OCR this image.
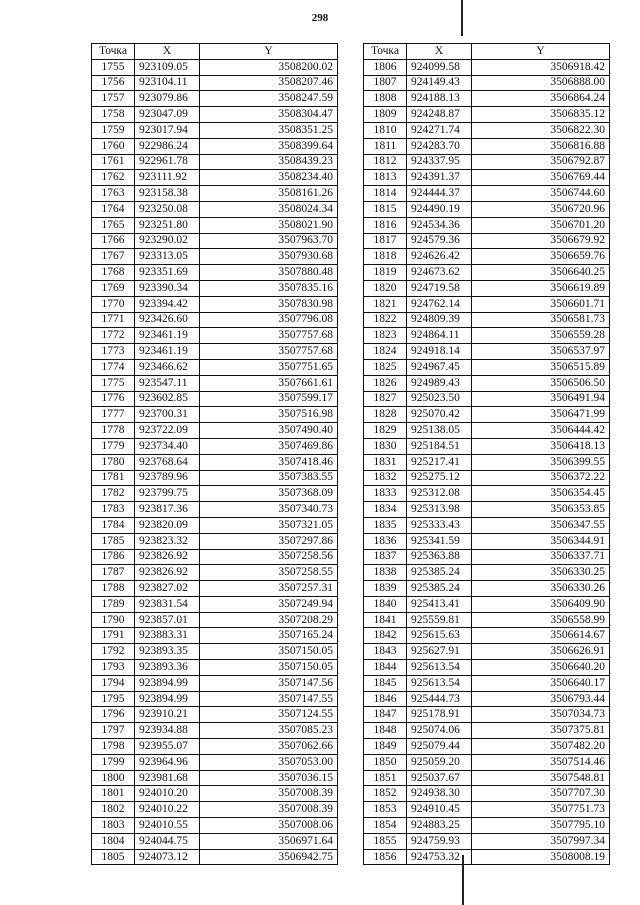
298
Точка	X	Y
1755	923109.05	3508200.02
1756	923104.11	3508207.46
1757	923079.86	3508247.59
1758	923047.09	3508304.47
1759	923017.94	3508351.25
1760	922986.24	3508399.64
1761	922961.78	3508439.23
1762	923111.92	3508234.40
1763	923158.38	3508161.26
1764	923250.08	3508024.34
1765	923251.80	3508021.90
1766	923290.02	3507963.70
1767	923313.05	3507930.68
1768	923351.69	3507880.48
1769	923390.34	3507835.16
1770	923394.42	3507830.98
1771	923426.60	3507796.08
1772	923461.19	3507757.68
1773	923461.19	3507757.68
1774	923466.62	3507751.65
1775	923547.11	3507661.61
1776	923602.85	3507599.17
1777	923700.31	3507516.98
1778	923722.09	3507490.40
1779	923734.40	3507469.86
1780	923768.64	3507418.46
1781	923789.96	3507383.55
1782	923799.75	3507368.09
1783	923817.36	3507340.73
1784	923820.09	3507321.05
1785	923823.32	3507297.86
1786	923826.92	3507258.56
1787	923826.92	3507258.55
1788	923827.02	3507257.31
1789	923831.54	3507249.94
1790	923857.01	3507208.29
1791	923883.31	3507165.24
1792	923893.35	3507150.05
1793	923893.36	3507150.05
1794	923894.99	3507147.56
1795	923894.99	3507147.55
1796	923910.21	3507124.55
1797	923934.88	3507085.23
1798	923955.07	3507062.66
1799	923964.96	3507053.00
1800	923981.68	3507036.15
1801	924010.20	3507008.39
1802	924010.22	3507008.39
1803	924010.55	3507008.06
1804	924044.75	3506971.64
1805	924073.12	3506942.75
Точка	X	Y
1806	924099.58	3506918.42
1807	924149.43	3506888.00
1808	924188.13	3506864.24
1809	924248.87	3506835.12
1810	924271.74	3506822.30
1811	924283.70	3506816.88
1812	924337.95	3506792.87
1813	924391.37	3506769.44
1814	924444.37	3506744.60
1815	924490.19	3506720.96
1816	924534.36	3506701.20
1817	924579.36	3506679.92
1818	924626.42	3506659.76
1819	924673.62	3506640.25
1820	924719.58	3506619.89
1821	924762.14	3506601.71
1822	924809.39	3506581.73
1823	924864.11	3506559.28
1824	924918.14	3506537.97
1825	924967.45	3506515.89
1826	924989.43	3506506.50
1827	925023.50	3506491.94
1828	925070.42	3506471.99
1829	925138.05	3506444.42
1830	925184.51	3506418.13
1831	925217.41	3506399.55
1832	925275.12	3506372.22
1833	925312.08	3506354.45
1834	925313.98	3506353.85
1835	925333.43	3506347.55
1836	925341.59	3506344.91
1837	925363.88	3506337.71
1838	925385.24	3506330.25
1839	925385.24	3506330.26
1840	925413.41	3506409.90
1841	925559.81	3506558.99
1842	925615.63	3506614.67
1843	925627.91	3506626.91
1844	925613.54	3506640.20
1845	925613.54	3506640.17
1846	925444.73	3506793.44
1847	925178.91	3507034.73
1848	925074.06	3507375.81
1849	925079.44	3507482.20
1850	925059.20	3507514.46
1851	925037.67	3507548.81
1852	924938.30	3507707.30
1853	924910.45	3507751.73
1854	924883.25	3507795.10
1855	924759.93	3507997.34
1856	924753.32	3508008.19
